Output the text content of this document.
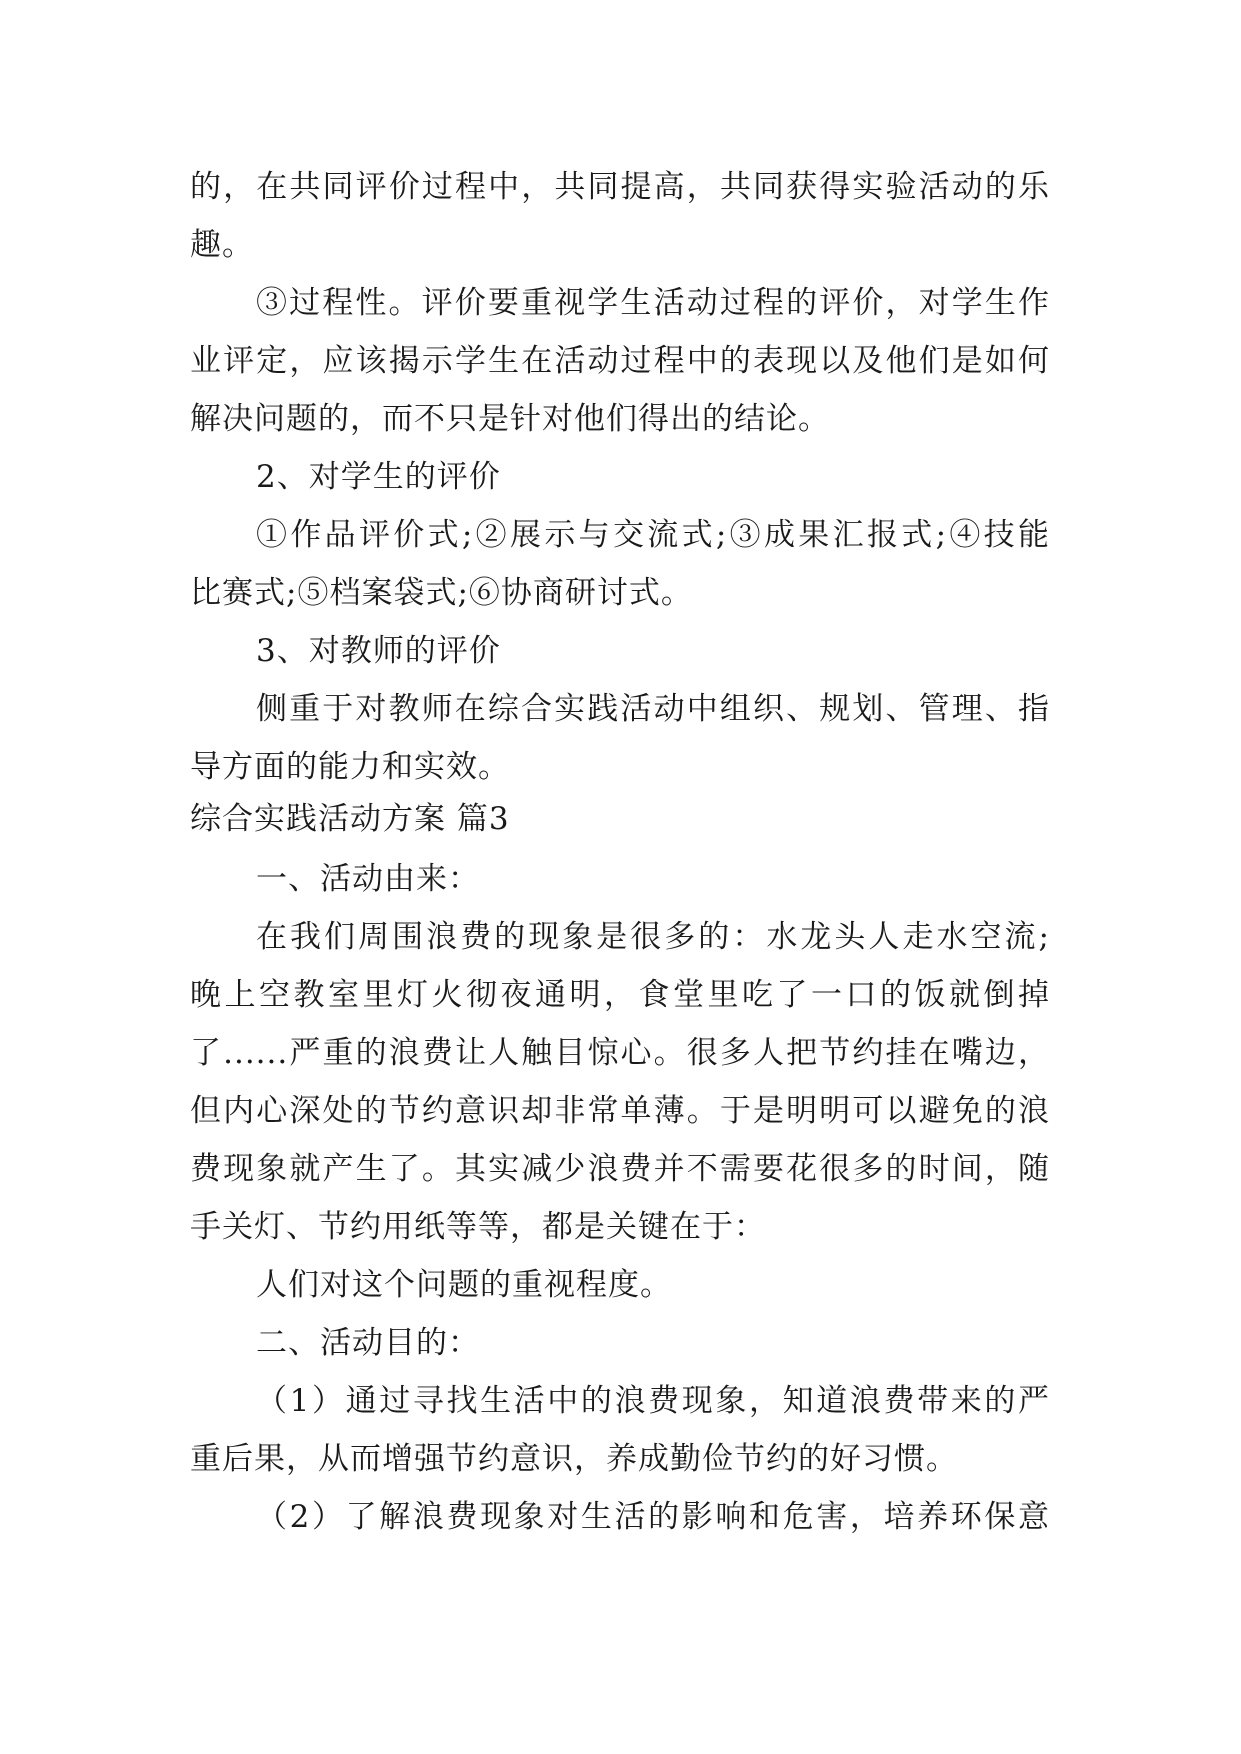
的，在共同评价过程中，共同提高，共同获得实验活动的乐
趣。
③过程性。评价要重视学生活动过程的评价，对学生作
业评定，应该揭示学生在活动过程中的表现以及他们是如何
解决问题的，而不只是针对他们得出的结论。
2、对学生的评价
①作品评价式;②展示与交流式;③成果汇报式;④技能
比赛式;⑤档案袋式;⑥协商研讨式。
3、对教师的评价
侧重于对教师在综合实践活动中组织、规划、管理、指
导方面的能力和实效。
综合实践活动方案 篇3
一、活动由来：
在我们周围浪费的现象是很多的：水龙头人走水空流;
晚上空教室里灯火彻夜通明，食堂里吃了一口的饭就倒掉
了......严重的浪费让人触目惊心。很多人把节约挂在嘴边，
但内心深处的节约意识却非常单薄。于是明明可以避免的浪
费现象就产生了。其实减少浪费并不需要花很多的时间，随
手关灯、节约用纸等等，都是关键在于：
人们对这个问题的重视程度。
二、活动目的：
（1）通过寻找生活中的浪费现象，知道浪费带来的严
重后果，从而增强节约意识，养成勤俭节约的好习惯。
（2）了解浪费现象对生活的影响和危害，培养环保意
